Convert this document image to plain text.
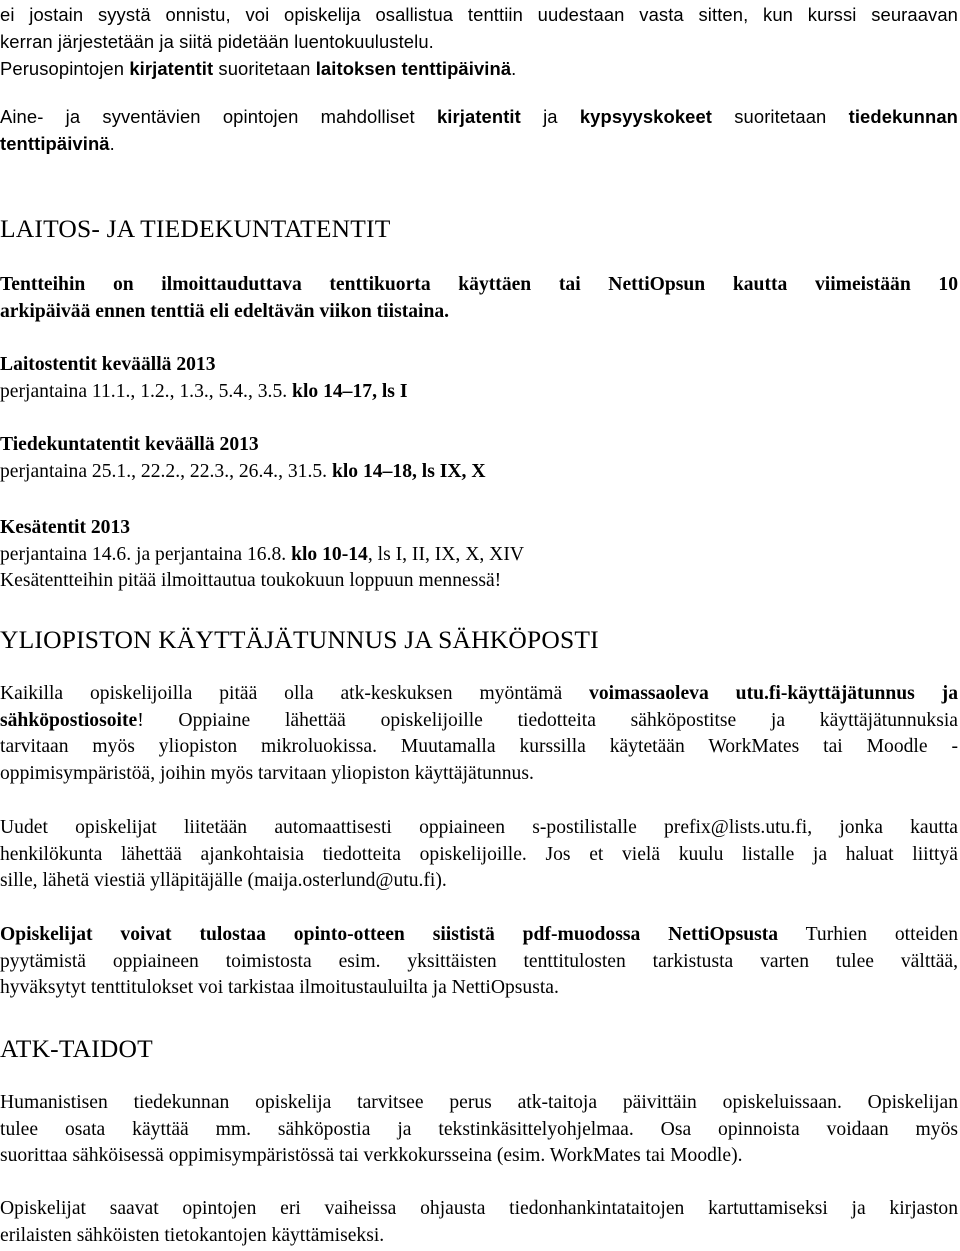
ei jostain syystä onnistu, voi opiskelija osallistua tenttiin uudestaan vasta sitten, kun kurssi seuraavan
kerran järjestetään ja siitä pidetään luentokuulustelu.
Perusopintojen kirjatentit suoritetaan laitoksen tenttipäivinä.
Aine- ja syventävien opintojen mahdolliset kirjatentit ja kypsyyskokeet suoritetaan tiedekunnan
tenttipäivinä.
LAITOS- JA TIEDEKUNTATENTIT
Tentteihin on ilmoittauduttava tenttikuorta käyttäen tai NettiOpsun kautta viimeistään 10
arkipäivää ennen tenttiä eli edeltävän viikon tiistaina.
Laitostentit keväällä 2013
perjantaina 11.1., 1.2., 1.3., 5.4., 3.5. klo 14–17, ls I
Tiedekuntatentit keväällä 2013
perjantaina 25.1., 22.2., 22.3., 26.4., 31.5. klo 14–18, ls IX, X
Kesätentit 2013
perjantaina 14.6. ja perjantaina 16.8. klo 10-14, ls I, II, IX, X, XIV
Kesätentteihin pitää ilmoittautua toukokuun loppuun mennessä!
YLIOPISTON KÄYTTÄJÄTUNNUS JA SÄHKÖPOSTI
Kaikilla opiskelijoilla pitää olla atk-keskuksen myöntämä voimassaoleva utu.fi-käyttäjätunnus ja
sähköpostiosoite! Oppiaine lähettää opiskelijoille tiedotteita sähköpostitse ja käyttäjätunnuksia
tarvitaan myös yliopiston mikroluokissa. Muutamalla kurssilla käytetään WorkMates tai Moodle -
oppimisympäristöä, joihin myös tarvitaan yliopiston käyttäjätunnus.
Uudet opiskelijat liitetään automaattisesti oppiaineen s-postilistalle prefix@lists.utu.fi, jonka kautta
henkilökunta lähettää ajankohtaisia tiedotteita opiskelijoille. Jos et vielä kuulu listalle ja haluat liittyä
sille, lähetä viestiä ylläpitäjälle (maija.osterlund@utu.fi).
Opiskelijat voivat tulostaa opinto-otteen siististä pdf-muodossa NettiOpsusta Turhien otteiden
pyytämistä oppiaineen toimistosta esim. yksittäisten tenttitulosten tarkistusta varten tulee välttää,
hyväksytyt tenttitulokset voi tarkistaa ilmoitustauluilta ja NettiOpsusta.
ATK-TAIDOT
Humanistisen tiedekunnan opiskelija tarvitsee perus atk-taitoja päivittäin opiskeluissaan. Opiskelijan
tulee osata käyttää mm. sähköpostia ja tekstinkäsittelyohjelmaa. Osa opinnoista voidaan myös
suorittaa sähköisessä oppimisympäristössä tai verkkokursseina (esim. WorkMates tai Moodle).
Opiskelijat saavat opintojen eri vaiheissa ohjausta tiedonhankintataitojen kartuttamiseksi ja kirjaston
erilaisten sähköisten tietokantojen käyttämiseksi.
